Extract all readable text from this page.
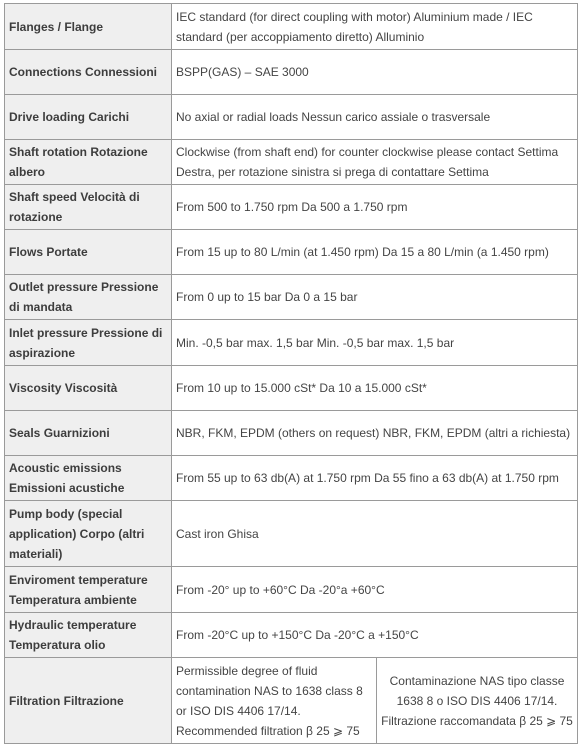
Flanges / Flange	IEC standard (for direct coupling with motor) Aluminium made / IEC standard (per accoppiamento diretto) Alluminio	
Connections Connessioni	BSPP(GAS) – SAE 3000	
Drive loading Carichi	No axial or radial loads Nessun carico assiale o trasversale	
Shaft rotation Rotazione albero	Clockwise (from shaft end) for counter clockwise please contact Settima Destra, per rotazione sinistra si prega di contattare Settima	
Shaft speed Velocità di rotazione	From 500 to 1.750 rpm Da 500 a 1.750 rpm	
Flows Portate	From 15 up to 80 L/min (at 1.450 rpm) Da 15 a 80 L/min (a 1.450 rpm)	
Outlet pressure Pressione di mandata	From 0 up to 15 bar Da 0 a 15 bar	
Inlet pressure Pressione di aspirazione	Min. -0,5 bar max. 1,5 bar Min. -0,5 bar max. 1,5 bar	
Viscosity Viscosità	From 10 up to 15.000 cSt* Da 10 a 15.000 cSt*	
Seals Guarnizioni	NBR, FKM, EPDM (others on request) NBR, FKM, EPDM (altri a richiesta)	
Acoustic emissions Emissioni acustiche	From 55 up to 63 db(A) at 1.750 rpm Da 55 fino a 63 db(A) at 1.750 rpm	
Pump body (special application) Corpo (altri materiali)	Cast iron Ghisa	
Enviroment temperature Temperatura ambiente	From -20° up to +60°C Da -20°a +60°C	
Hydraulic temperature Temperatura olio	From -20°C up to +150°C Da -20°C a +150°C	
Filtration Filtrazione	Permissible degree of fluid contamination NAS to 1638 class 8 or ISO DIS 4406 17/14. Recommended filtration β 25 ⩾ 75	Contaminazione NAS tipo classe 1638 8 o ISO DIS 4406 17/14. Filtrazione raccomandata β 25 ⩾ 75
